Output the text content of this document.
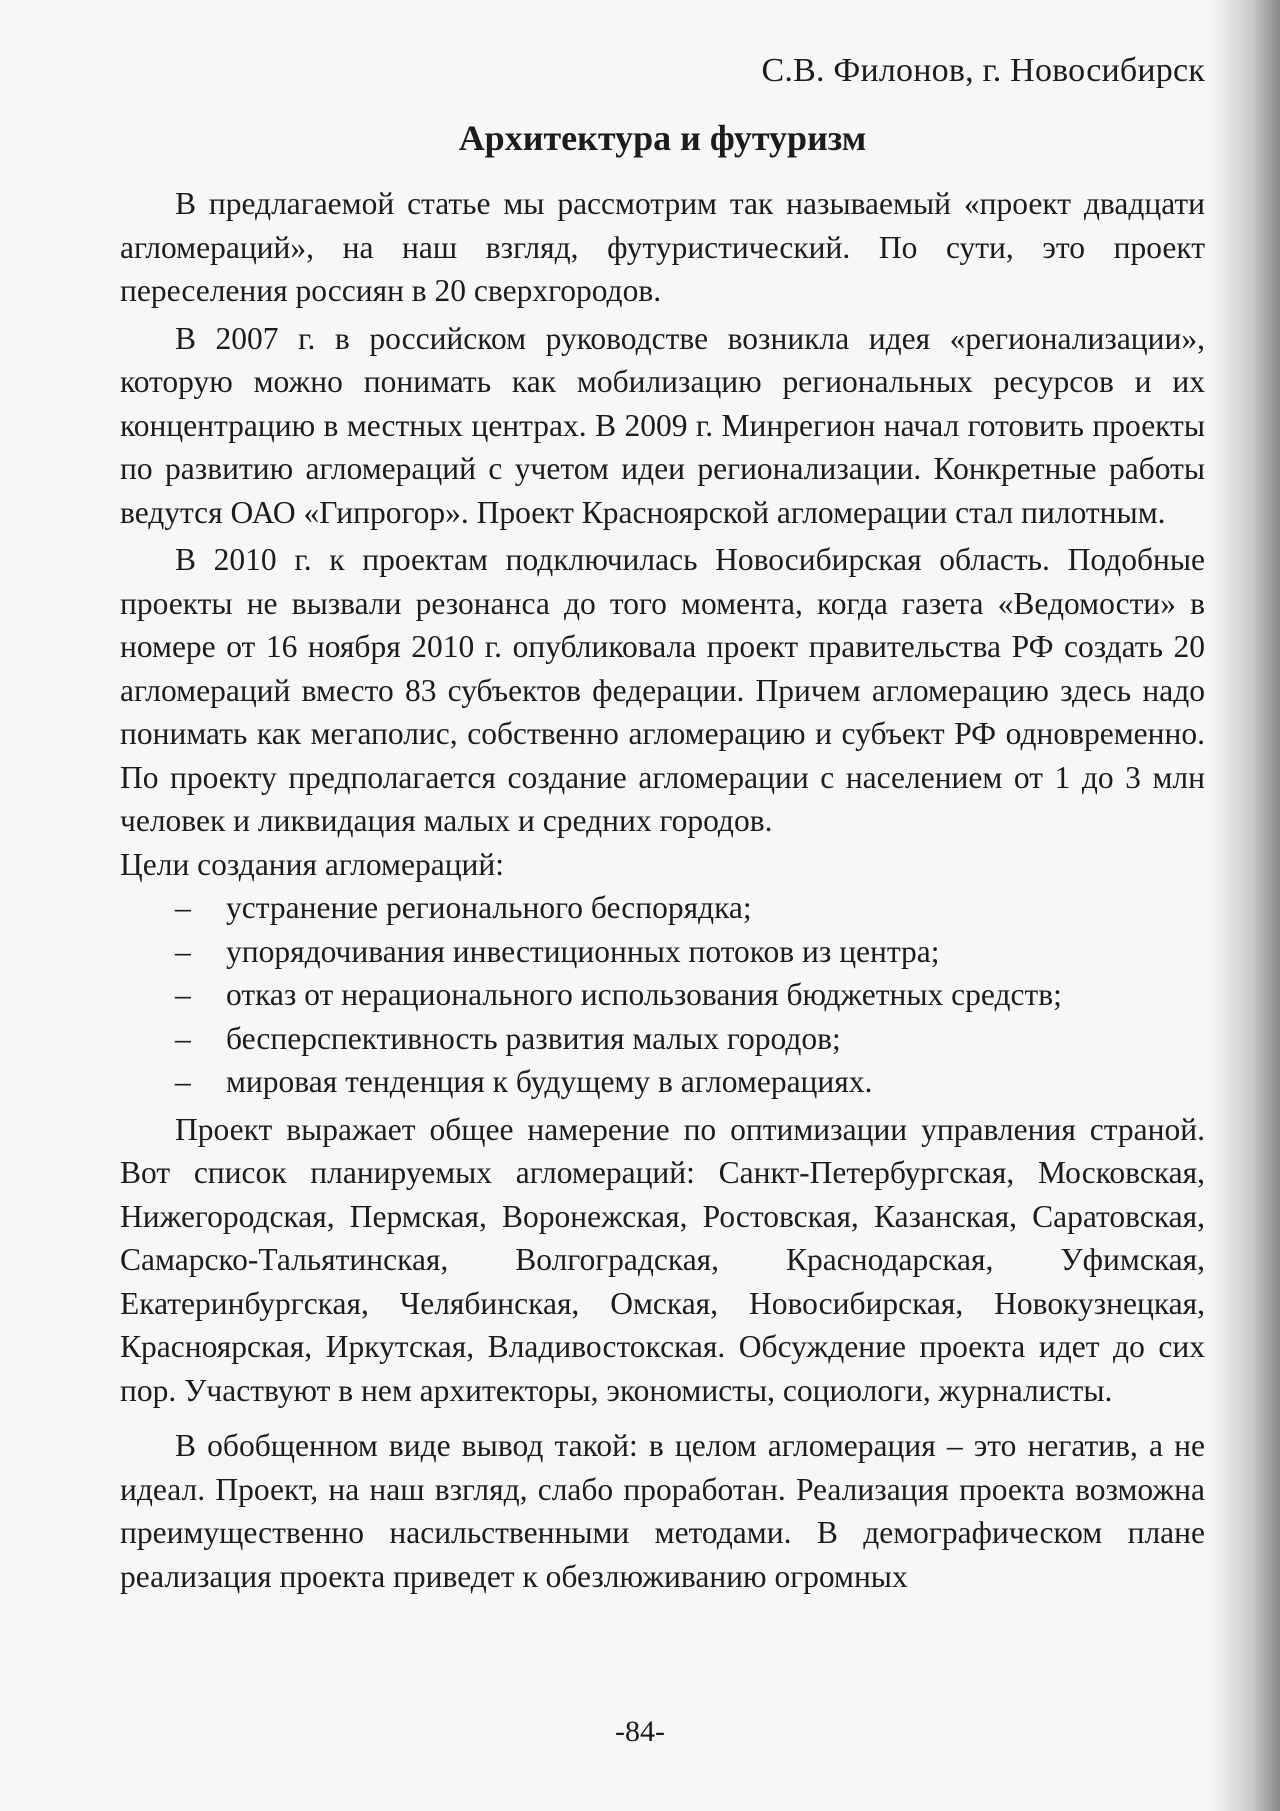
С.В. Филонов, г. Новосибирск
Архитектура и футуризм

В предлагаемой статье мы рассмотрим так называемый «проект двадцати агломераций», на наш взгляд, футуристический. По сути, это проект переселения россиян в 20 сверхгородов.

В 2007 г. в российском руководстве возникла идея «регионализации», которую можно понимать как мобилизацию региональных ресурсов и их концентрацию в местных центрах. В 2009 г. Минрегион начал готовить проекты по развитию агломераций с учетом идеи регионализации. Конкретные работы ведутся ОАО «Гипрогор». Проект Красноярской агломерации стал пилотным.

В 2010 г. к проектам подключилась Новосибирская область. Подобные проекты не вызвали резонанса до того момента, когда газета «Ведомости» в номере от 16 ноября 2010 г. опубликовала проект правительства РФ создать 20 агломераций вместо 83 субъектов федерации. Причем агломерацию здесь надо понимать как мегаполис, собственно агломерацию и субъект РФ одновременно. По проекту предполагается создание агломерации с населением от 1 до 3 млн человек и ликвидация малых и средних городов.

Цели создания агломераций:

– устранение регионального беспорядка;
– упорядочивания инвестиционных потоков из центра;
– отказ от нерационального использования бюджетных средств;
– бесперспективность развития малых городов;
– мировая тенденция к будущему в агломерациях.

Проект выражает общее намерение по оптимизации управления страной. Вот список планируемых агломераций: Санкт-Петербургская, Московская, Нижегородская, Пермская, Воронежская, Ростовская, Казанская, Саратовская, Самарско-Тальятинская, Волгоградская, Краснодарская, Уфимская, Екатеринбургская, Челябинская, Омская, Новосибирская, Новокузнецкая, Красноярская, Иркутская, Владивостокская. Обсуждение проекта идет до сих пор. Участвуют в нем архитекторы, экономисты, социологи, журналисты.

В обобщенном виде вывод такой: в целом агломерация – это негатив, а не идеал. Проект, на наш взгляд, слабо проработан. Реализация проекта возможна преимущественно насильственными методами. В демографическом плане реализация проекта приведет к обезлюживанию огромных

-84-
